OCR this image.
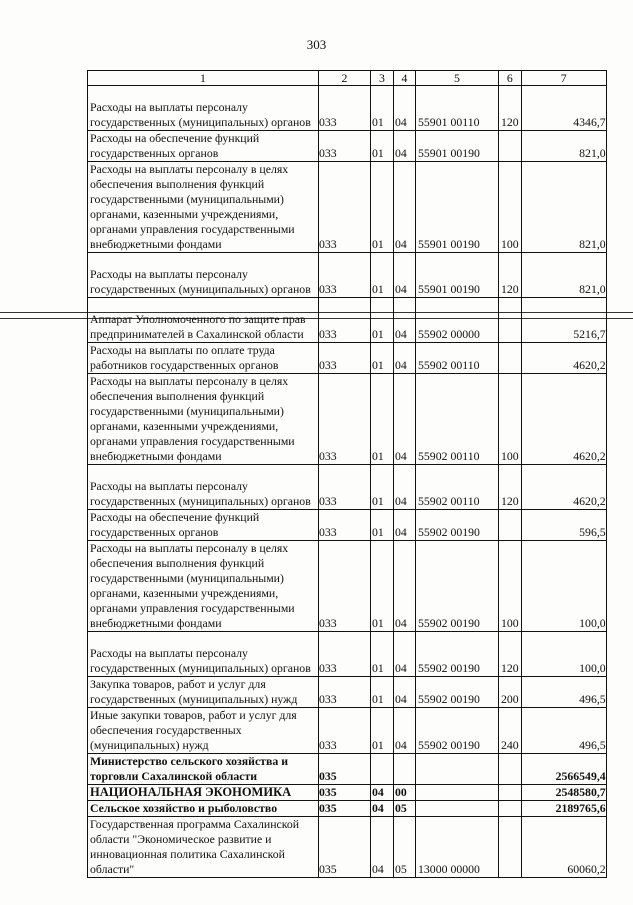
303
1	2	3	4	5	6	7
Расходы на выплаты персоналу государственных (муниципальных) органов	033	01	04	55901 00110	120	4346,7
Расходы на обеспечение функций государственных органов	033	01	04	55901 00190		821,0
Расходы на выплаты персоналу в целях обеспечения выполнения функций государственными (муниципальными) органами, казенными учреждениями, органами управления государственными внебюджетными фондами	033	01	04	55901 00190	100	821,0
Расходы на выплаты персоналу государственных (муниципальных) органов	033	01	04	55901 00190	120	821,0
Аппарат Уполномоченного по защите прав предпринимателей в Сахалинской области	033	01	04	55902 00000		5216,7
Расходы на выплаты по оплате труда работников государственных органов	033	01	04	55902 00110		4620,2
Расходы на выплаты персоналу в целях обеспечения выполнения функций государственными (муниципальными) органами, казенными учреждениями, органами управления государственными внебюджетными фондами	033	01	04	55902 00110	100	4620,2
Расходы на выплаты персоналу государственных (муниципальных) органов	033	01	04	55902 00110	120	4620,2
Расходы на обеспечение функций государственных органов	033	01	04	55902 00190		596,5
Расходы на выплаты персоналу в целях обеспечения выполнения функций государственными (муниципальными) органами, казенными учреждениями, органами управления государственными внебюджетными фондами	033	01	04	55902 00190	100	100,0
Расходы на выплаты персоналу государственных (муниципальных) органов	033	01	04	55902 00190	120	100,0
Закупка товаров, работ и услуг для государственных (муниципальных) нужд	033	01	04	55902 00190	200	496,5
Иные закупки товаров, работ и услуг для обеспечения государственных (муниципальных) нужд	033	01	04	55902 00190	240	496,5
Министерство сельского хозяйства и торговли Сахалинской области	035					2566549,4
НАЦИОНАЛЬНАЯ ЭКОНОМИКА	035	04	00			2548580,7
Сельское хозяйство и рыболовство	035	04	05			2189765,6
Государственная программа Сахалинской области "Экономическое развитие и инновационная политика Сахалинской области"	035	04	05	13000 00000		60060,2
